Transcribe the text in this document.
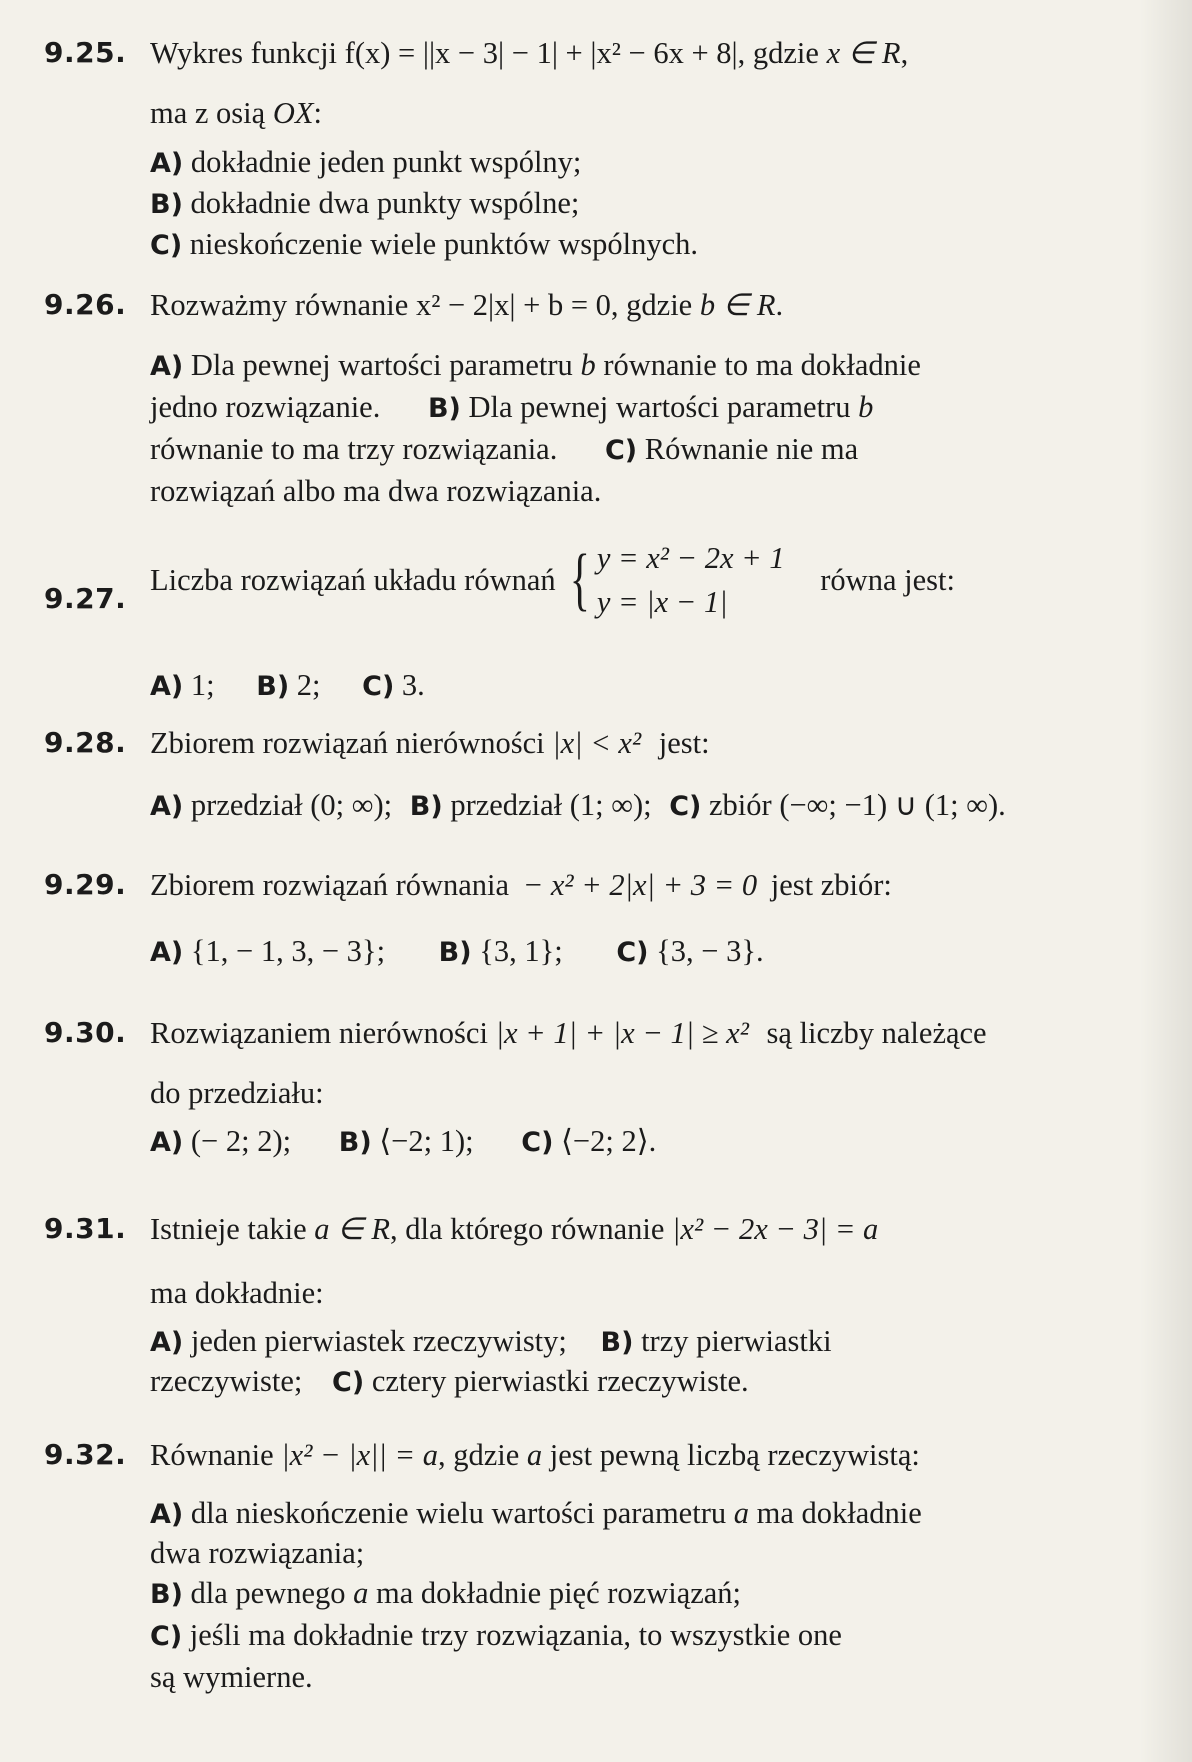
9.25. Wykres funkcji f(x) = ||x − 3| − 1| + |x² − 6x + 8|, gdzie x ∈ R,
ma z osią OX:
A) dokładnie jeden punkt wspólny;
B) dokładnie dwa punkty wspólne;
C) nieskończenie wiele punktów wspólnych.
9.26. Rozważmy równanie x² − 2|x| + b = 0, gdzie b ∈ R.
A) Dla pewnej wartości parametru b równanie to ma dokładnie
jedno rozwiązanie. B) Dla pewnej wartości parametru b
równanie to ma trzy rozwiązania. C) Równanie nie ma
rozwiązań albo ma dwa rozwiązania.
9.27.
Liczba rozwiązań układu równań { y = x² − 2x + 1
y = |x − 1|
równa jest:
A) 1; B) 2; C) 3.
9.28. Zbiorem rozwiązań nierówności |x| < x² jest:
A) przedział (0; ∞); B) przedział (1; ∞); C) zbiór (−∞; −1) ∪ (1; ∞).
9.29. Zbiorem rozwiązań równania − x² + 2|x| + 3 = 0 jest zbiór:
A) {1, − 1, 3, − 3}; B) {3, 1}; C) {3, − 3}.
9.30. Rozwiązaniem nierówności |x + 1| + |x − 1| ≥ x² są liczby należące
do przedziału:
A) (− 2; 2); B) ⟨−2; 1); C) ⟨−2; 2⟩.
9.31. Istnieje takie a ∈ R, dla którego równanie |x² − 2x − 3| = a
ma dokładnie:
A) jeden pierwiastek rzeczywisty; B) trzy pierwiastki
rzeczywiste; C) cztery pierwiastki rzeczywiste.
9.32. Równanie |x² − |x|| = a, gdzie a jest pewną liczbą rzeczywistą:
A) dla nieskończenie wielu wartości parametru a ma dokładnie
dwa rozwiązania;
B) dla pewnego a ma dokładnie pięć rozwiązań;
C) jeśli ma dokładnie trzy rozwiązania, to wszystkie one
są wymierne.
